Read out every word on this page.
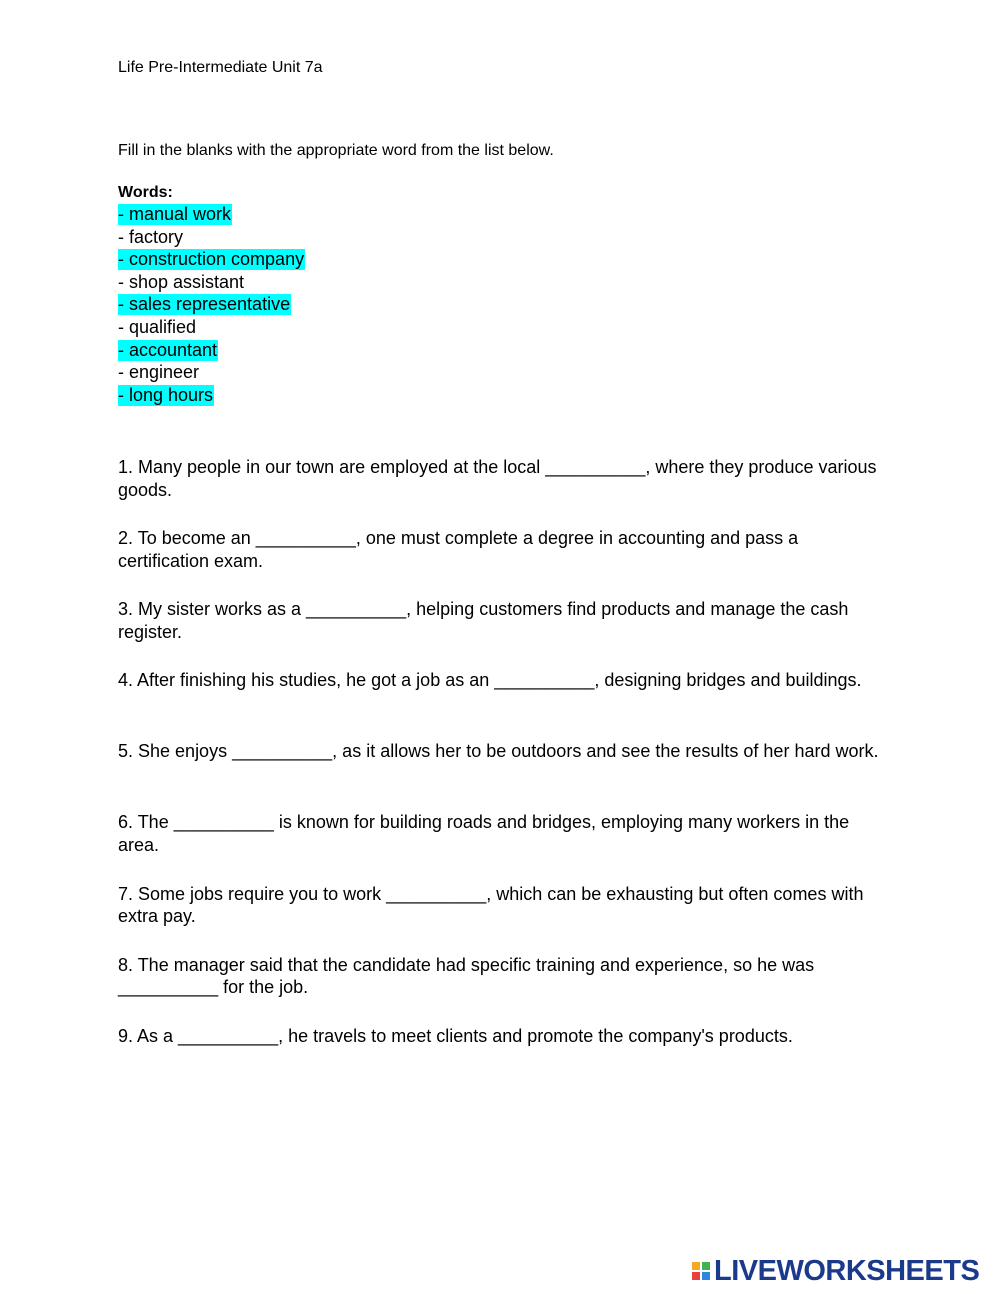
Life Pre-Intermediate Unit 7a

Fill in the blanks with the appropriate word from the list below.

Words:
- manual work
- factory
- construction company
- shop assistant
- sales representative
- qualified
- accountant
- engineer
- long hours
1. Many people in our town are employed at the local __________, where they produce various goods.
2. To become an __________, one must complete a degree in accounting and pass a certification exam.
3. My sister works as a __________, helping customers find products and manage the cash register.
4. After finishing his studies, he got a job as an __________, designing bridges and buildings.
5. She enjoys __________, as it allows her to be outdoors and see the results of her hard work.
6. The __________ is known for building roads and bridges, employing many workers in the area.
7. Some jobs require you to work __________, which can be exhausting but often comes with extra pay.
8. The manager said that the candidate had specific training and experience, so he was __________ for the job.
9. As a __________, he travels to meet clients and promote the company's products.
LIVEWORKSHEETS
